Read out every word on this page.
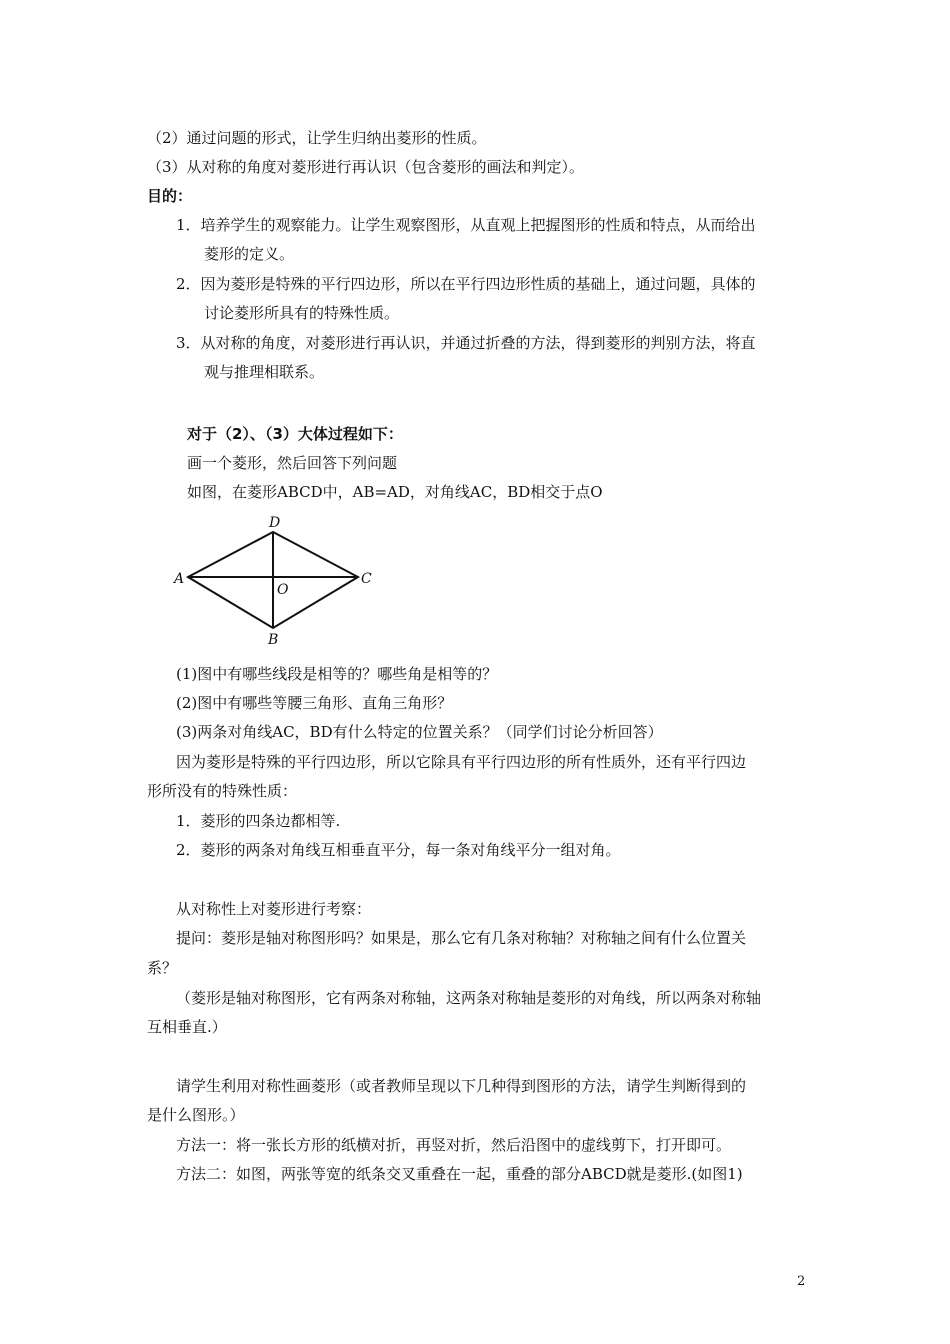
（2）通过问题的形式，让学生归纳出菱形的性质。
（3）从对称的角度对菱形进行再认识（包含菱形的画法和判定）。
目的：
1．培养学生的观察能力。让学生观察图形，从直观上把握图形的性质和特点，从而给出
菱形的定义。
2．因为菱形是特殊的平行四边形，所以在平行四边形性质的基础上，通过问题，具体的
讨论菱形所具有的特殊性质。
3．从对称的角度，对菱形进行再认识，并通过折叠的方法，得到菱形的判别方法，将直
观与推理相联系。
对于（2）、（3）大体过程如下：
画一个菱形，然后回答下列问题
如图，在菱形ABCD中，AB=AD，对角线AC，BD相交于点O
D
A	C
O
B
(1)图中有哪些线段是相等的？哪些角是相等的？
(2)图中有哪些等腰三角形、直角三角形？
(3)两条对角线AC，BD有什么特定的位置关系？（同学们讨论分析回答）
因为菱形是特殊的平行四边形，所以它除具有平行四边形的所有性质外，还有平行四边
形所没有的特殊性质：
1．菱形的四条边都相等.
2．菱形的两条对角线互相垂直平分，每一条对角线平分一组对角。
从对称性上对菱形进行考察：
提问：菱形是轴对称图形吗？如果是，那么它有几条对称轴？对称轴之间有什么位置关
系？
（菱形是轴对称图形，它有两条对称轴，这两条对称轴是菱形的对角线，所以两条对称轴
互相垂直.）
请学生利用对称性画菱形（或者教师呈现以下几种得到图形的方法，请学生判断得到的
是什么图形。）
方法一：将一张长方形的纸横对折，再竖对折，然后沿图中的虚线剪下，打开即可。
方法二：如图，两张等宽的纸条交叉重叠在一起，重叠的部分ABCD就是菱形.(如图1)
2
